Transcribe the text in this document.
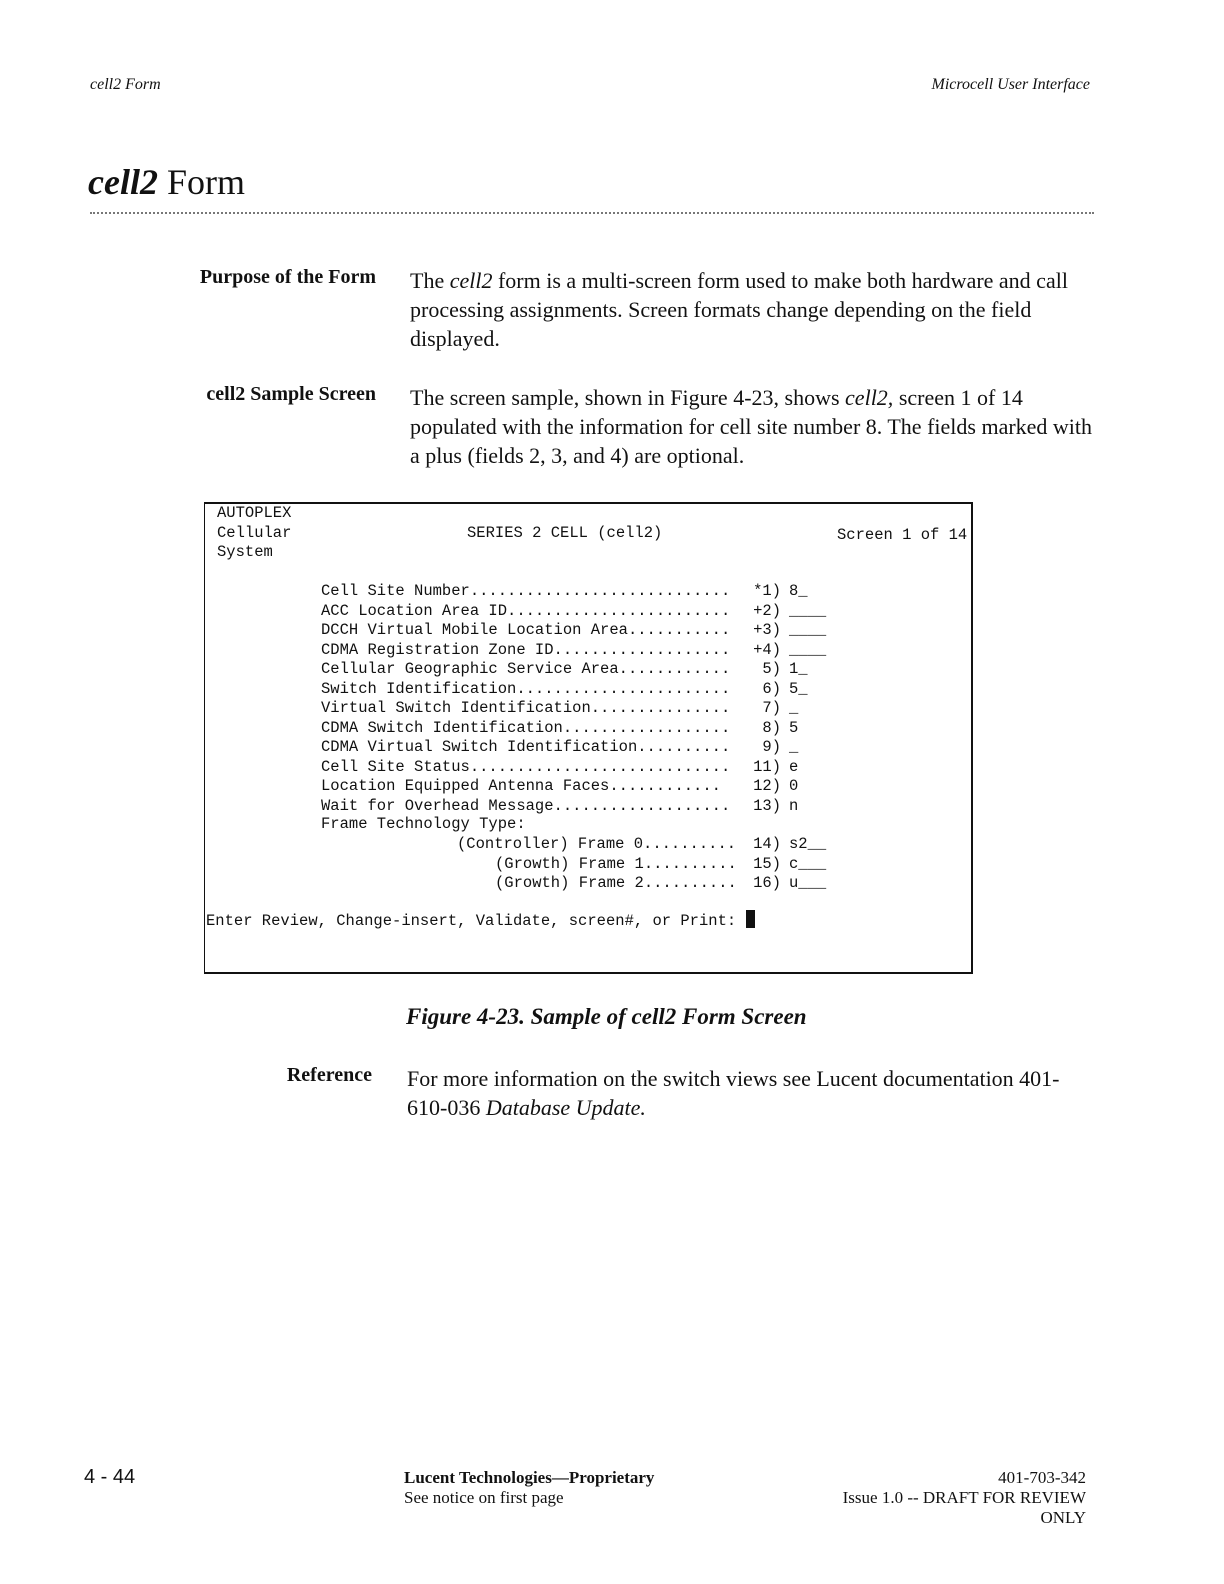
cell2 Form	Microcell User Interface
cell2 Form
Purpose of the Form The cell2 form is a multi-screen form used to make both hardware and call processing assignments. Screen formats change depending on the field displayed.
cell2 Sample Screen The screen sample, shown in Figure 4-23, shows cell2, screen 1 of 14 populated with the information for cell site number 8. The fields marked with a plus (fields 2, 3, and 4) are optional.
AUTOPLEX
Cellular
System
SERIES 2 CELL (cell2)	Screen 1 of 14
Cell Site Number............................ *1) 8_
ACC Location Area ID........................ +2) ____
DCCH Virtual Mobile Location Area........... +3) ____
CDMA Registration Zone ID................... +4) ____
Cellular Geographic Service Area............	5) 1_
Switch Identification.......................	6) 5_
Virtual Switch Identification...............	7) _
CDMA Switch Identification..................	8) 5
CDMA Virtual Switch Identification..........	9) _
Cell Site Status............................ 11) e
Location Equipped Antenna Faces............ 12) 0
Wait for Overhead Message................... 13) n
Frame Technology Type:
(Controller) Frame 0.......... 14) s2__
(Growth) Frame 1.......... 15) c___
(Growth) Frame 2.......... 16) u___
Enter Review, Change-insert, Validate, screen#, or Print:
Figure 4-23. Sample of cell2 Form Screen
Reference For more information on the switch views see Lucent documentation 401-610-036 Database Update.
4 - 44	Lucent Technologies—Proprietary
See notice on first page
401-703-342
Issue 1.0 -- DRAFT FOR REVIEW
ONLY
